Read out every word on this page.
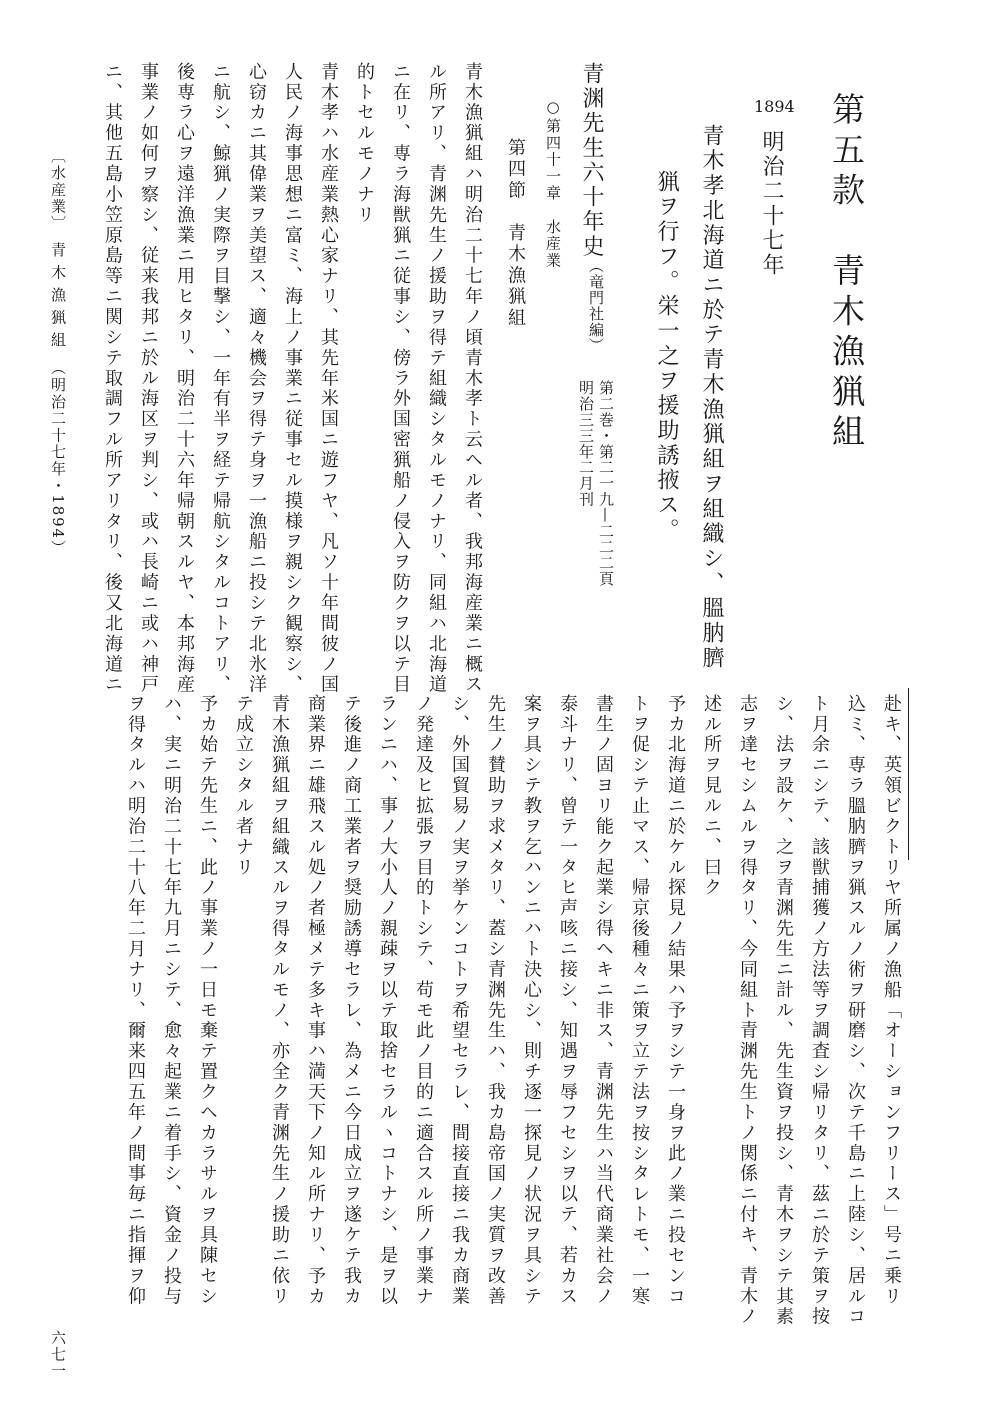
第五款　青木漁猟組
1894
明治二十七年
青木孝北海道ニ於テ青木漁猟組ヲ組織シ、膃肭臍
猟ヲ行フ。栄一之ヲ援助誘掖ス。
青渊先生六十年史
（竜門社編）
第二巻・第二一九—二二二頁
明治三三年二月刊
○第四十一章　水産業
第四節　青木漁猟組
青木漁猟組ハ明治二十七年ノ頃青木孝ト云ヘル者、我邦海産業ニ概ス
ル所アリ、青渊先生ノ援助ヲ得テ組織シタルモノナリ、同組ハ北海道
ニ在リ、専ラ海獣猟ニ従事シ、傍ラ外国密猟船ノ侵入ヲ防クヲ以テ目
的トセルモノナリ
青木孝ハ水産業熱心家ナリ、其先年米国ニ遊フヤ、凡ソ十年間彼ノ国
人民ノ海事思想ニ富ミ、海上ノ事業ニ従事セル摸様ヲ親シク観察シ、
心窃カニ其偉業ヲ美望ス、適々機会ヲ得テ身ヲ一漁船ニ投シテ北氷洋
ニ航シ、鯨猟ノ実際ヲ目撃シ、一年有半ヲ経テ帰航シタルコトアリ、
後専ラ心ヲ遠洋漁業ニ用ヒタリ、明治二十六年帰朝スルヤ、本邦海産
事業ノ如何ヲ察シ、従来我邦ニ於ル海区ヲ判シ、或ハ長崎ニ或ハ神戸
ニ、其他五島小笠原島等ニ関シテ取調フル所アリタリ、後又北海道ニ
赴キ、英領ビクトリヤ所属ノ漁船「オーションフリース」号ニ乗リ
込ミ、専ラ膃肭臍ヲ猟スルノ術ヲ研磨シ、次テ千島ニ上陸シ、居ルコ
ト月余ニシテ、該獣捕獲ノ方法等ヲ調査シ帰リタリ、茲ニ於テ策ヲ按
シ、法ヲ設ケ、之ヲ青渊先生ニ計ル、先生資ヲ投シ、青木ヲシテ其素
志ヲ達セシムルヲ得タリ、今同組ト青渊先生トノ関係ニ付キ、青木ノ
述ル所ヲ見ルニ、曰ク
予カ北海道ニ於ケル探見ノ結果ハ予ヲシテ一身ヲ此ノ業ニ投センコ
トヲ促シテ止マス、帰京後種々ニ策ヲ立テ法ヲ按シタレトモ、一寒
書生ノ固ヨリ能ク起業シ得ヘキニ非ス、青渊先生ハ当代商業社会ノ
泰斗ナリ、曾テ一タヒ声咳ニ接シ、知遇ヲ辱フセシヲ以テ、若カス
案ヲ具シテ教ヲ乞ハンニハト決心シ、則チ逐一探見ノ状況ヲ具シテ
先生ノ賛助ヲ求メタリ、蓋シ青渊先生ハ、我カ島帝国ノ実質ヲ改善
シ、外国貿易ノ実ヲ挙ケンコトヲ希望セラレ、間接直接ニ我カ商業
ノ発達及ヒ拡張ヲ目的トシテ、苟モ此ノ目的ニ適合スル所ノ事業ナ
ランニハ、事ノ大小人ノ親疎ヲ以テ取捨セラルヽコトナシ、是ヲ以
テ後進ノ商工業者ヲ奨励誘導セラレ、為メニ今日成立ヲ遂ケテ我カ
商業界ニ雄飛スル処ノ者極メテ多キ事ハ満天下ノ知ル所ナリ、予カ
青木漁猟組ヲ組織スルヲ得タルモノ、亦全ク青渊先生ノ援助ニ依リ
テ成立シタル者ナリ
予カ始テ先生ニ、此ノ事業ノ一日モ棄テ置クヘカラサルヲ具陳セシ
ハ、実ニ明治二十七年九月ニシテ、愈々起業ニ着手シ、資金ノ投与
ヲ得タルハ明治二十八年二月ナリ、爾来四五年ノ間事毎ニ指揮ヲ仰
〔水産業〕
青木漁猟組
（明治二十七年・1894）
六七一
